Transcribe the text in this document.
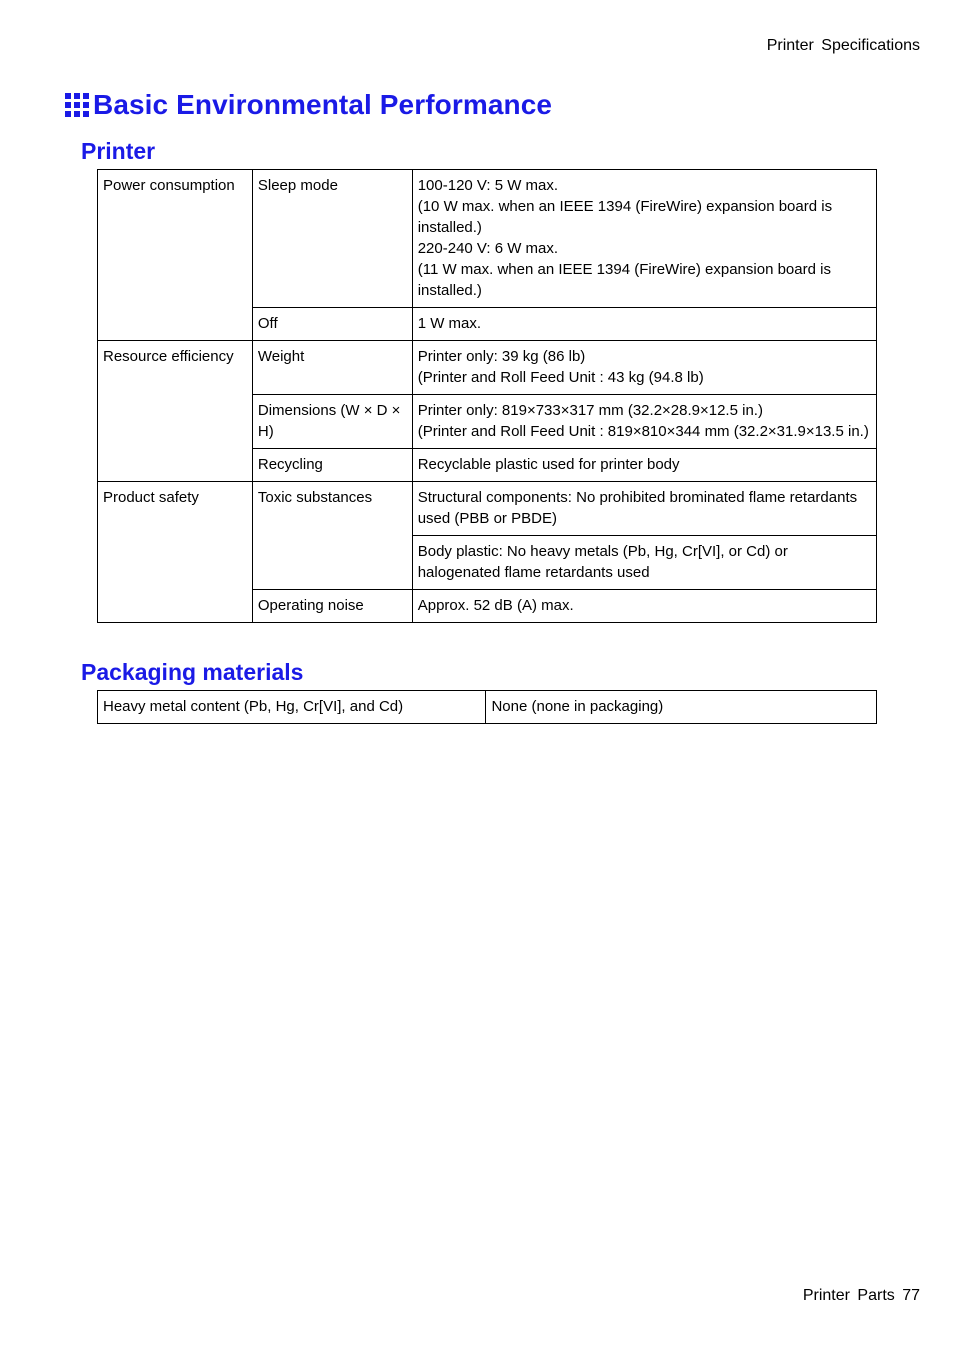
Printer Specifications
Basic Environmental Performance
Printer
Power consumption	Sleep mode	100-120 V: 5 W max.
(10 W max. when an IEEE 1394 (FireWire) expansion board is installed.)
220-240 V: 6 W max.
(11 W max. when an IEEE 1394 (FireWire) expansion board is installed.)

	Off	1 W max.
Resource efficiency	Weight	Printer only: 39 kg (86 lb)
(Printer and Roll Feed Unit : 43 kg (94.8 lb)

	Dimensions (W × D × H)	Printer only: 819×733×317 mm (32.2×28.9×12.5 in.)
(Printer and Roll Feed Unit : 819×810×344 mm (32.2×31.9×13.5 in.)

	Recycling	Recyclable plastic used for printer body
Product safety	Toxic substances	Structural components: No prohibited brominated flame retardants used (PBB or PBDE)
		Body plastic: No heavy metals (Pb, Hg, Cr[VI], or Cd) or halogenated flame retardants used
	Operating noise	Approx. 52 dB (A) max.
Packaging materials
Heavy metal content (Pb, Hg, Cr[VI], and Cd)	None (none in packaging)
Printer Parts 77
